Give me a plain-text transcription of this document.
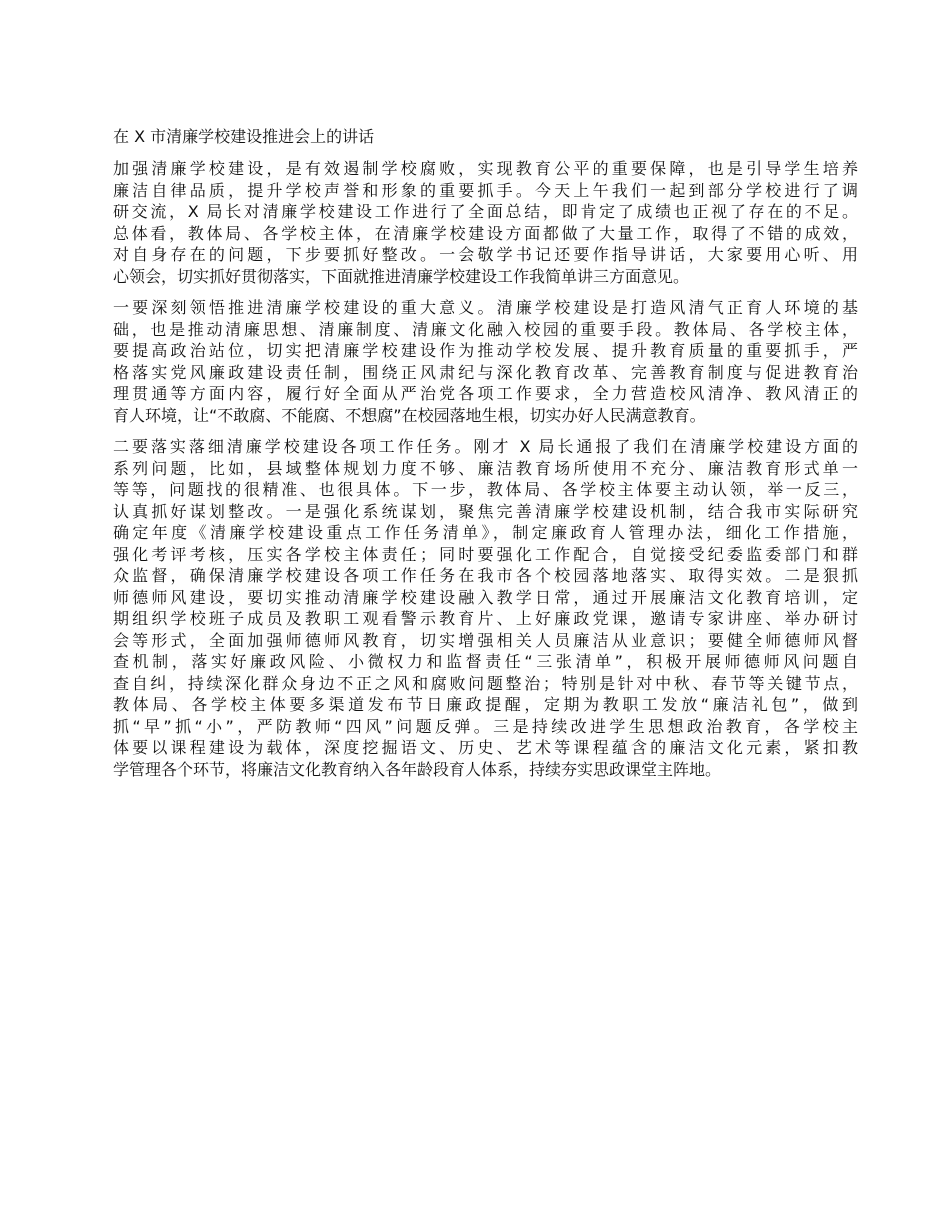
在 X 市清廉学校建设推进会上的讲话
加强清廉学校建设，是有效遏制学校腐败，实现教育公平的重要保障，也是引导学生培养
廉洁自律品质，提升学校声誉和形象的重要抓手。今天上午我们一起到部分学校进行了调
研交流，X 局长对清廉学校建设工作进行了全面总结，即肯定了成绩也正视了存在的不足。
总体看，教体局、各学校主体，在清廉学校建设方面都做了大量工作，取得了不错的成效，
对自身存在的问题，下步要抓好整改。一会敬学书记还要作指导讲话，大家要用心听、用
心领会，切实抓好贯彻落实，下面就推进清廉学校建设工作我简单讲三方面意见。
一要深刻领悟推进清廉学校建设的重大意义。清廉学校建设是打造风清气正育人环境的基
础，也是推动清廉思想、清廉制度、清廉文化融入校园的重要手段。教体局、各学校主体，
要提高政治站位，切实把清廉学校建设作为推动学校发展、提升教育质量的重要抓手，严
格落实党风廉政建设责任制，围绕正风肃纪与深化教育改革、完善教育制度与促进教育治
理贯通等方面内容，履行好全面从严治党各项工作要求，全力营造校风清净、教风清正的
育人环境，让“不敢腐、不能腐、不想腐”在校园落地生根，切实办好人民满意教育。
二要落实落细清廉学校建设各项工作任务。刚才 X 局长通报了我们在清廉学校建设方面的
系列问题，比如，县域整体规划力度不够、廉洁教育场所使用不充分、廉洁教育形式单一
等等，问题找的很精准、也很具体。下一步，教体局、各学校主体要主动认领，举一反三，
认真抓好谋划整改。一是强化系统谋划，聚焦完善清廉学校建设机制，结合我市实际研究
确定年度《清廉学校建设重点工作任务清单》，制定廉政育人管理办法，细化工作措施，
强化考评考核，压实各学校主体责任；同时要强化工作配合，自觉接受纪委监委部门和群
众监督，确保清廉学校建设各项工作任务在我市各个校园落地落实、取得实效。二是狠抓
师德师风建设，要切实推动清廉学校建设融入教学日常，通过开展廉洁文化教育培训，定
期组织学校班子成员及教职工观看警示教育片、上好廉政党课，邀请专家讲座、举办研讨
会等形式，全面加强师德师风教育，切实增强相关人员廉洁从业意识；要健全师德师风督
查机制，落实好廉政风险、小微权力和监督责任“三张清单”，积极开展师德师风问题自
查自纠，持续深化群众身边不正之风和腐败问题整治；特别是针对中秋、春节等关键节点，
教体局、各学校主体要多渠道发布节日廉政提醒，定期为教职工发放“廉洁礼包”，做到
抓“早”抓“小”，严防教师“四风”问题反弹。三是持续改进学生思想政治教育，各学校主
体要以课程建设为载体，深度挖掘语文、历史、艺术等课程蕴含的廉洁文化元素，紧扣教
学管理各个环节，将廉洁文化教育纳入各年龄段育人体系，持续夯实思政课堂主阵地。
